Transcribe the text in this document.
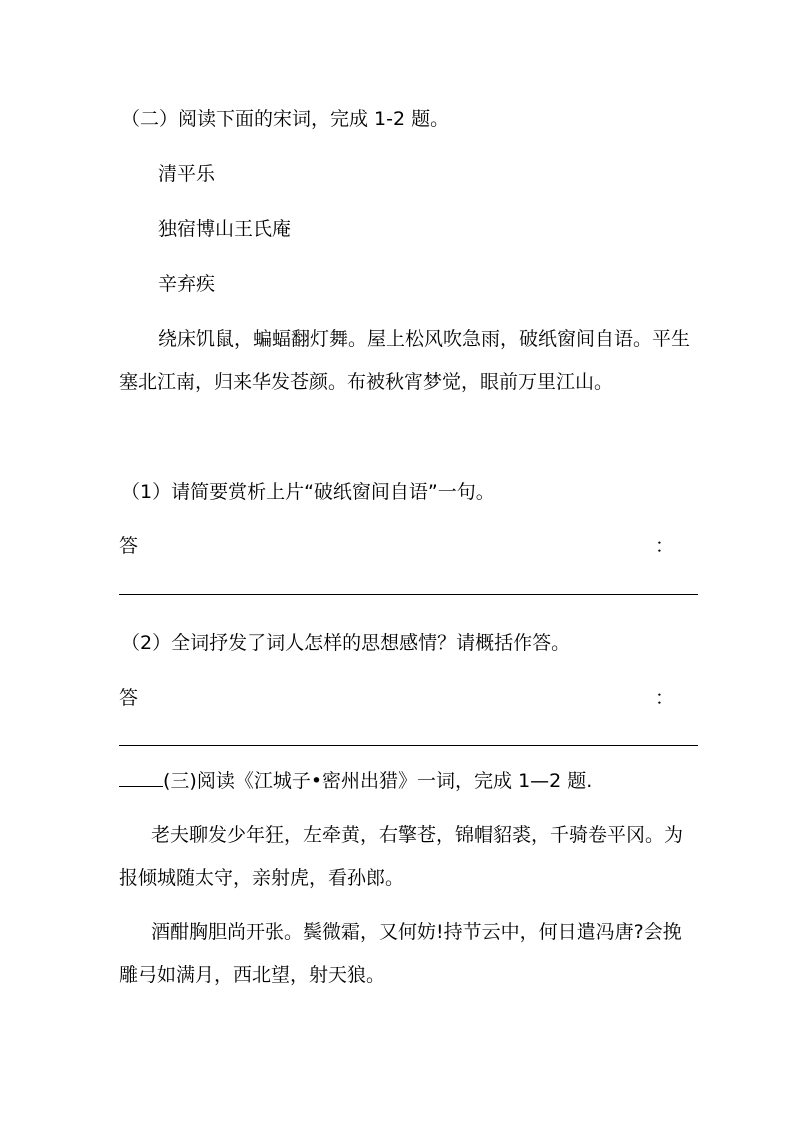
（二）阅读下面的宋词，完成 1-2 题。
清平乐
独宿博山王氏庵
辛弃疾
绕床饥鼠，蝙蝠翻灯舞。屋上松风吹急雨，破纸窗间自语。平生
塞北江南，归来华发苍颜。布被秋宵梦觉，眼前万里江山。
（1）请简要赏析上片“破纸窗间自语”一句。
答	：
（2）全词抒发了词人怎样的思想感情？请概括作答。
答	：
(三)阅读《江城子•密州出猎》一词，完成 1—2 题.
老夫聊发少年狂，左牵黄，右擎苍，锦帽貂裘，千骑卷平冈。为
报倾城随太守，亲射虎，看孙郎。
酒酣胸胆尚开张。鬓微霜，又何妨!持节云中，何日遣冯唐?会挽
雕弓如满月，西北望，射天狼。
